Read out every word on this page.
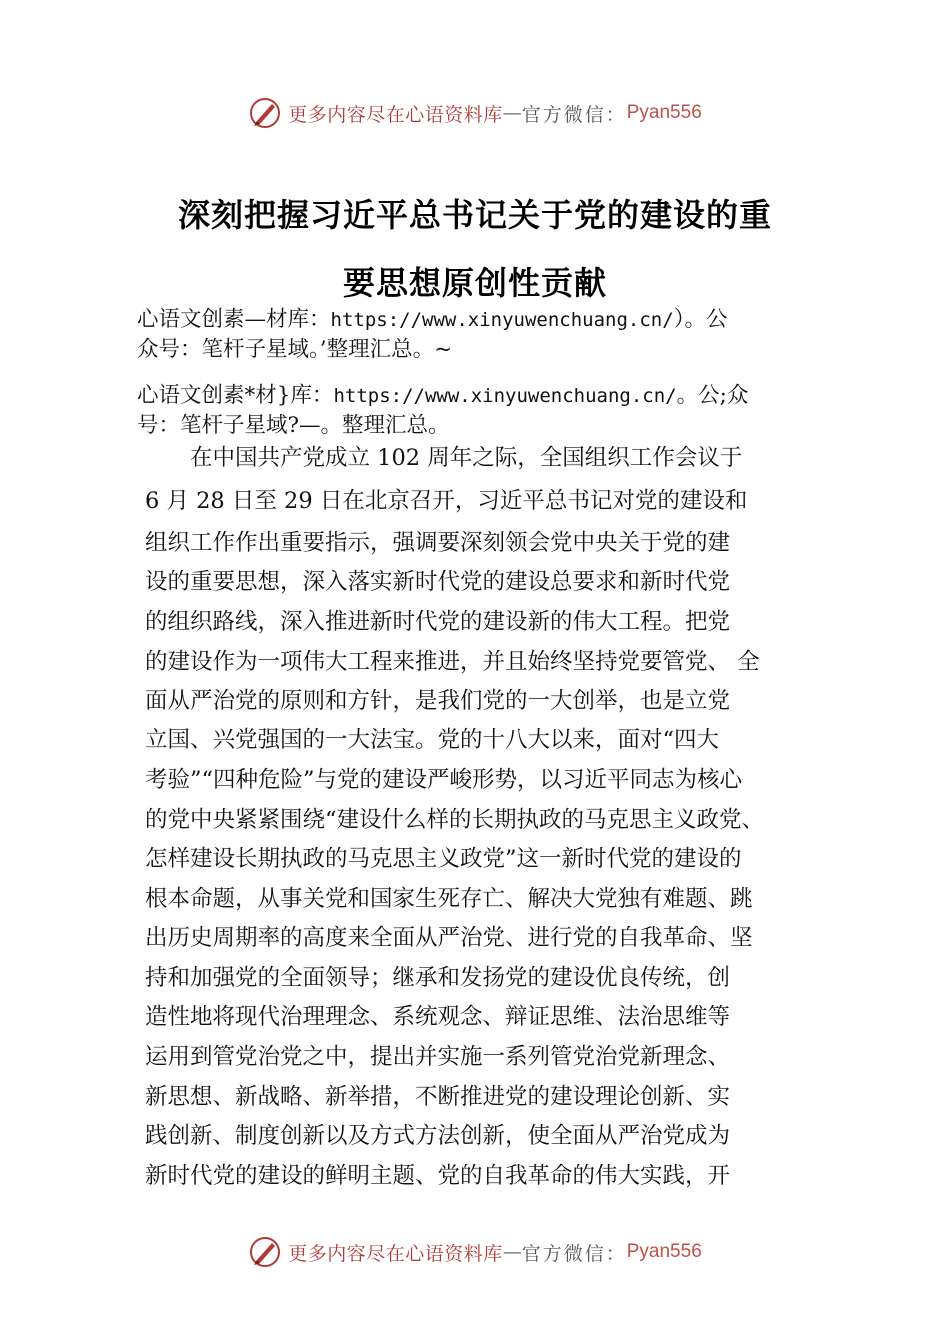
更多内容尽在心语资料库 — 官方微信： Pyan556
深刻把握习近平总书记关于党的建设的重
要思想原创性贡献
心语文创素—材库：https://www.xinyuwenchuang.cn/）。公
众号：笔杆子星域。’整理汇总。~
心语文创素*材}库：https://www.xinyuwenchuang.cn/。公;众
号：笔杆子星域?—。整理汇总。
　　在中国共产党成立 102 周年之际，全国组织工作会议于
6 月 28 日至 29 日在北京召开，习近平总书记对党的建设和
组织工作作出重要指示，强调要深刻领会党中央关于党的建
设的重要思想，深入落实新时代党的建设总要求和新时代党
的组织路线，深入推进新时代党的建设新的伟大工程。把党
的建设作为一项伟大工程来推进，并且始终坚持党要管党、 全
面从严治党的原则和方针，是我们党的一大创举，也是立党
立国、兴党强国的一大法宝。党的十八大以来，面对“四大
考验”“四种危险”与党的建设严峻形势，以习近平同志为核心
的党中央紧紧围绕“建设什么样的长期执政的马克思主义政党、
怎样建设长期执政的马克思主义政党”这一新时代党的建设的
根本命题，从事关党和国家生死存亡、解决大党独有难题、跳
出历史周期率的高度来全面从严治党、进行党的自我革命、坚
持和加强党的全面领导；继承和发扬党的建设优良传统，创
造性地将现代治理理念、系统观念、辩证思维、法治思维等
运用到管党治党之中，提出并实施一系列管党治党新理念、
新思想、新战略、新举措，不断推进党的建设理论创新、实
践创新、制度创新以及方式方法创新，使全面从严治党成为
新时代党的建设的鲜明主题、党的自我革命的伟大实践，开
更多内容尽在心语资料库 — 官方微信： Pyan556
